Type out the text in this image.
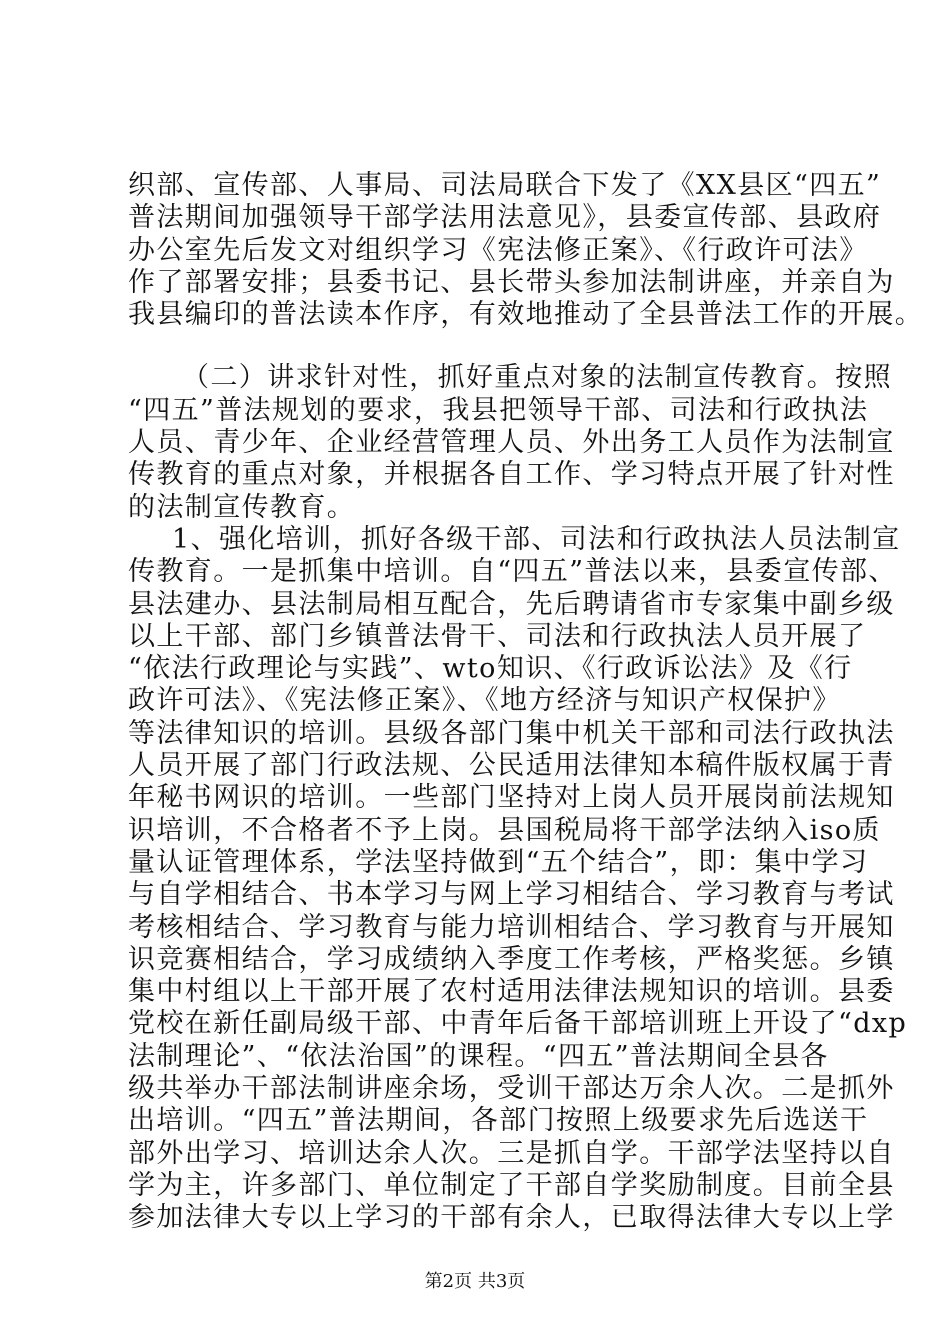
织部、宣传部、人事局、司法局联合下发了《XX县区“四五”
普法期间加强领导干部学法用法意见》，县委宣传部、县政府
办公室先后发文对组织学习《宪法修正案》、《行政许可法》
作了部署安排；县委书记、县长带头参加法制讲座，并亲自为
我县编印的普法读本作序，有效地推动了全县普法工作的开展。
（二）讲求针对性，抓好重点对象的法制宣传教育。按照
“四五”普法规划的要求，我县把领导干部、司法和行政执法
人员、青少年、企业经营管理人员、外出务工人员作为法制宣
传教育的重点对象，并根据各自工作、学习特点开展了针对性
的法制宣传教育。
1、强化培训，抓好各级干部、司法和行政执法人员法制宣
传教育。一是抓集中培训。自“四五”普法以来，县委宣传部、
县法建办、县法制局相互配合，先后聘请省市专家集中副乡级
以上干部、部门乡镇普法骨干、司法和行政执法人员开展了
“依法行政理论与实践”、wto知识、《行政诉讼法》及《行
政许可法》、《宪法修正案》、《地方经济与知识产权保护》
等法律知识的培训。县级各部门集中机关干部和司法行政执法
人员开展了部门行政法规、公民适用法律知本稿件版权属于青
年秘书网识的培训。一些部门坚持对上岗人员开展岗前法规知
识培训，不合格者不予上岗。县国税局将干部学法纳入iso质
量认证管理体系，学法坚持做到“五个结合”，即：集中学习
与自学相结合、书本学习与网上学习相结合、学习教育与考试
考核相结合、学习教育与能力培训相结合、学习教育与开展知
识竞赛相结合，学习成绩纳入季度工作考核，严格奖惩。乡镇
集中村组以上干部开展了农村适用法律法规知识的培训。县委
党校在新任副局级干部、中青年后备干部培训班上开设了“dxp
法制理论”、“依法治国”的课程。“四五”普法期间全县各
级共举办干部法制讲座余场，受训干部达万余人次。二是抓外
出培训。“四五”普法期间，各部门按照上级要求先后选送干
部外出学习、培训达余人次。三是抓自学。干部学法坚持以自
学为主，许多部门、单位制定了干部自学奖励制度。目前全县
参加法律大专以上学习的干部有余人，已取得法律大专以上学
第2页 共3页
